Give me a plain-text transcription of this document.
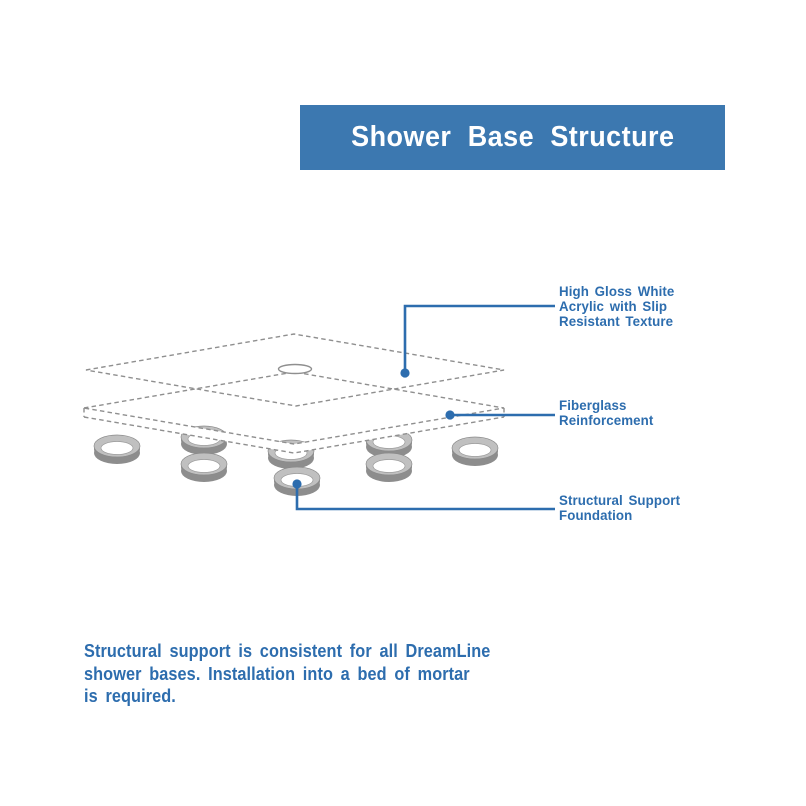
Shower Base Structure
High Gloss White
Acrylic with Slip
Resistant Texture
Fiberglass
Reinforcement
Structural Support
Foundation
Structural support is consistent for all DreamLine
shower bases. Installation into a bed of mortar
is required.
